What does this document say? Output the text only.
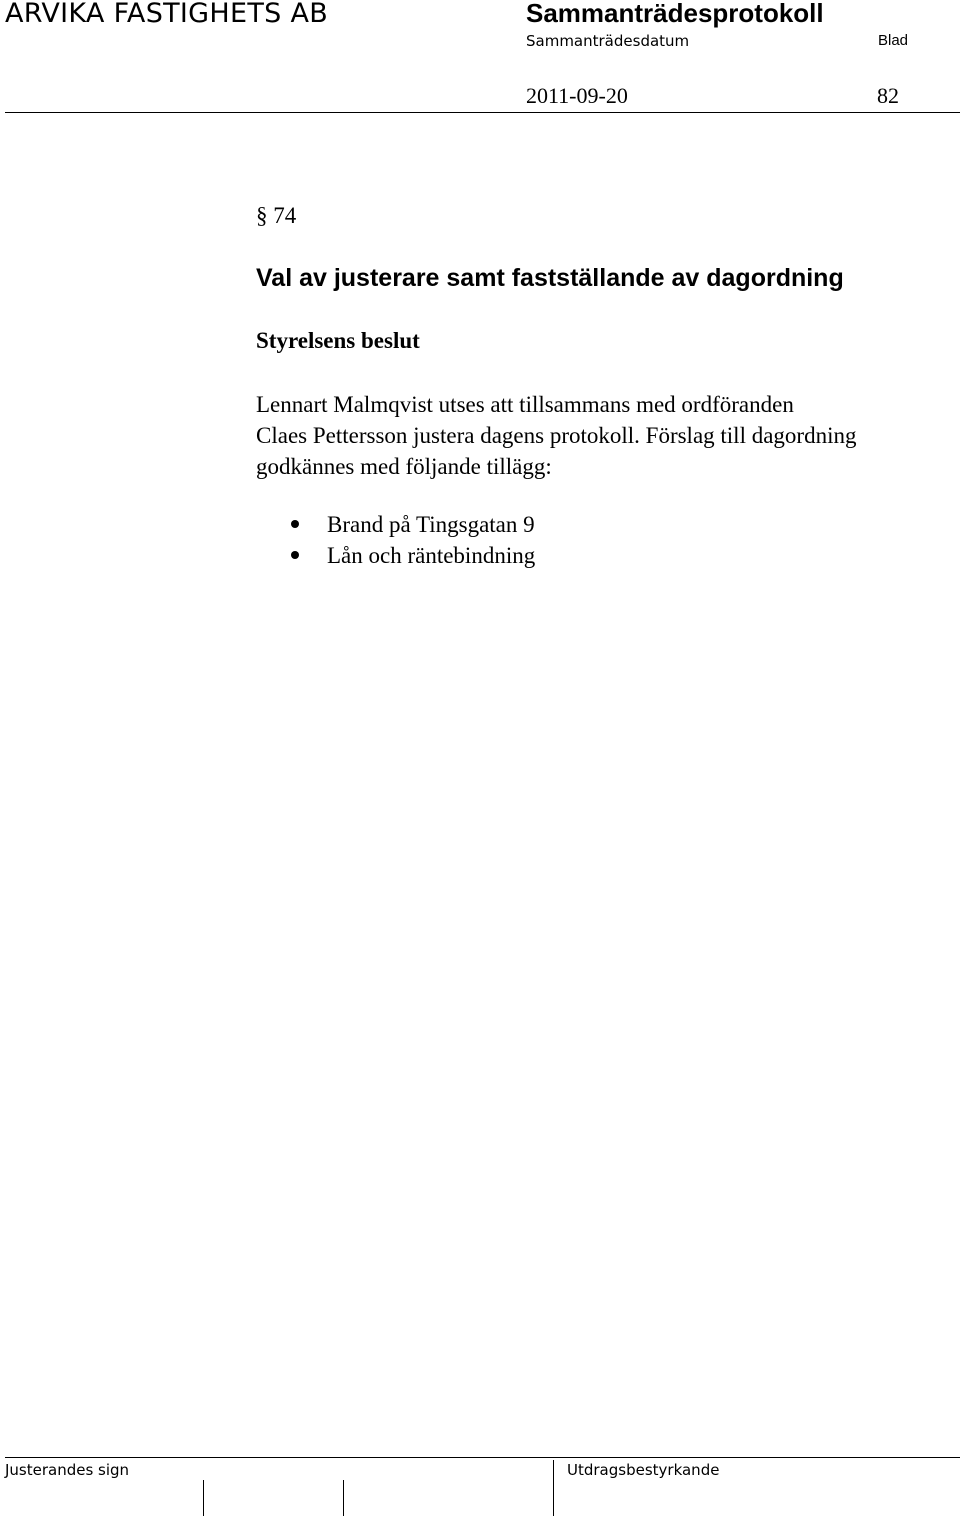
ARVIKA FASTIGHETS AB	Sammanträdesprotokoll
Sammanträdesdatum	Blad
2011-09-20	82
§ 74
Val av justerare samt fastställande av dagordning
Styrelsens beslut
Lennart Malmqvist utses att tillsammans med ordföranden
Claes Pettersson justera dagens protokoll. Förslag till dagordning
godkännes med följande tillägg:
Brand på Tingsgatan 9
Lån och räntebindning
Justerandes sign	Utdragsbestyrkande
